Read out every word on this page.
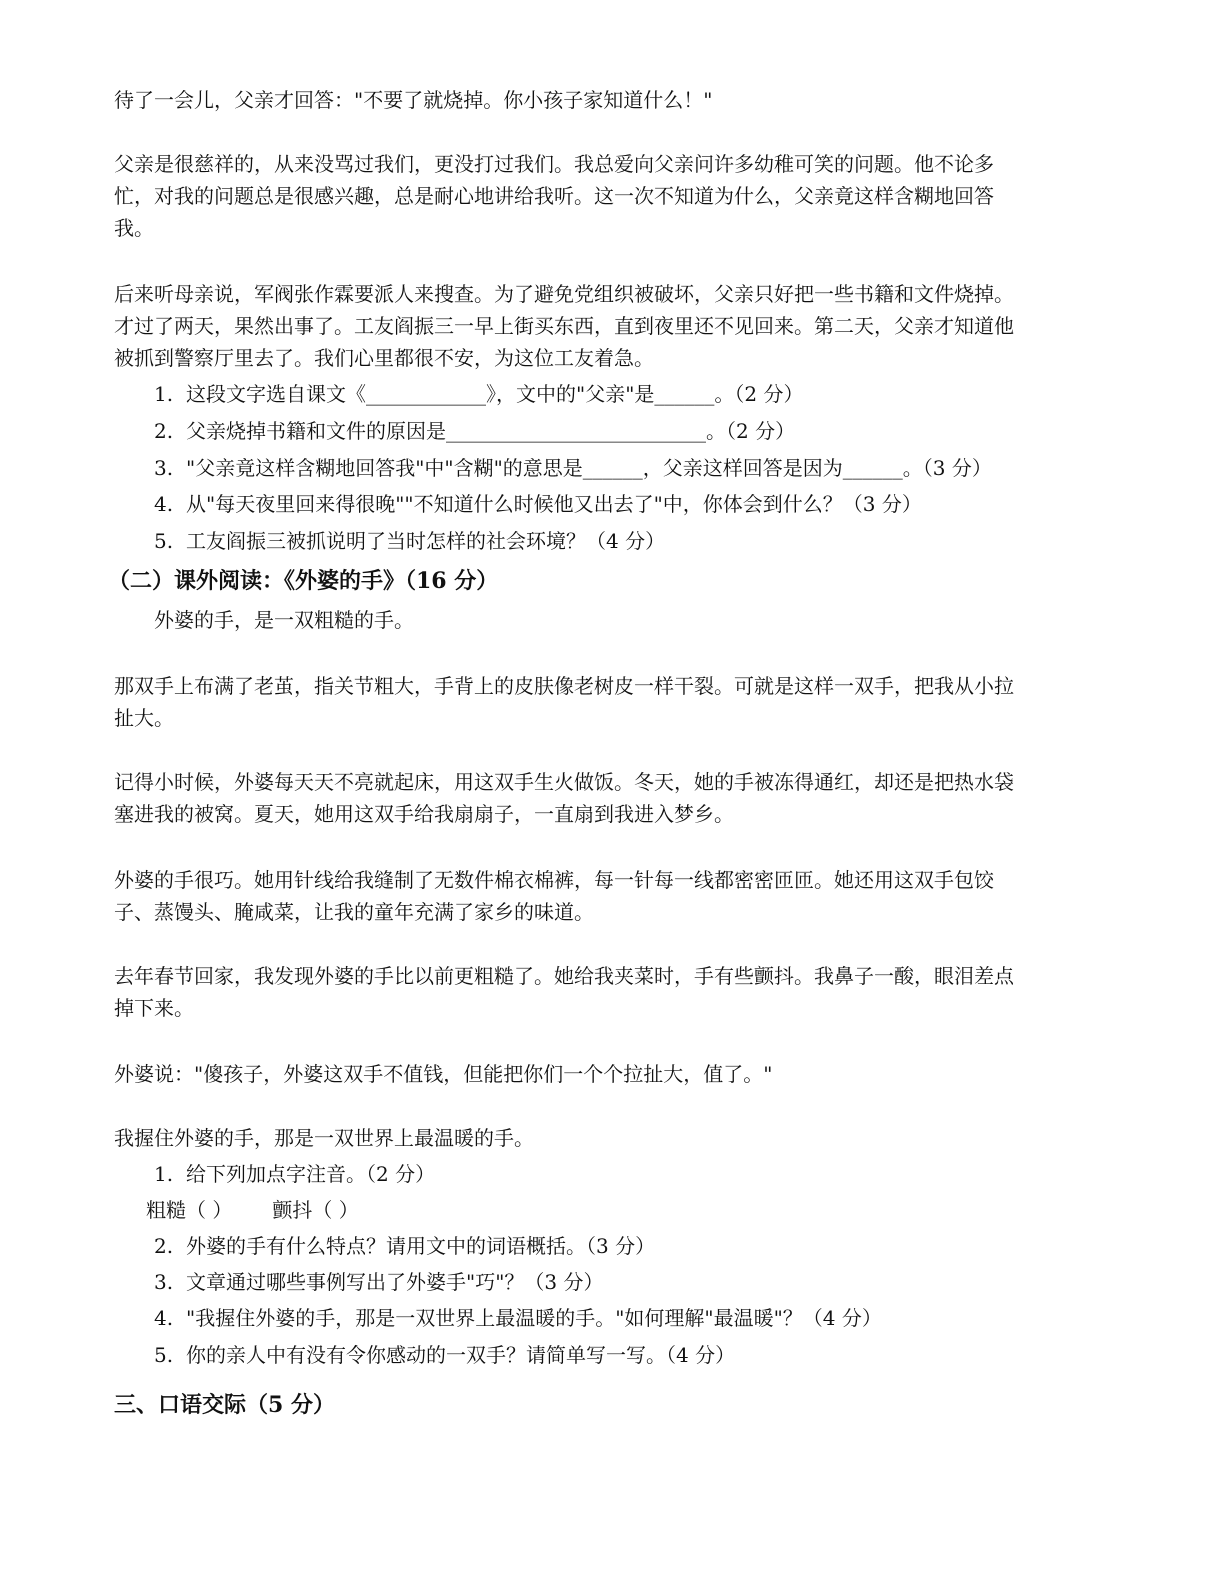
待了一会儿，父亲才回答："不要了就烧掉。你小孩子家知道什么！"
父亲是很慈祥的，从来没骂过我们，更没打过我们。我总爱向父亲问许多幼稚可笑的问题。他不论多
忙，对我的问题总是很感兴趣，总是耐心地讲给我听。这一次不知道为什么，父亲竟这样含糊地回答
我。
后来听母亲说，军阀张作霖要派人来搜查。为了避免党组织被破坏，父亲只好把一些书籍和文件烧掉。
才过了两天，果然出事了。工友阎振三一早上街买东西，直到夜里还不见回来。第二天，父亲才知道他
被抓到警察厅里去了。我们心里都很不安，为这位工友着急。
1. 这段文字选自课文《____________》，文中的"父亲"是______。（2 分）
2. 父亲烧掉书籍和文件的原因是__________________________。（2 分）
3. "父亲竟这样含糊地回答我"中"含糊"的意思是______，父亲这样回答是因为______。（3 分）
4. 从"每天夜里回来得很晚""不知道什么时候他又出去了"中，你体会到什么？（3 分）
5. 工友阎振三被抓说明了当时怎样的社会环境？（4 分）
（二）课外阅读：《外婆的手》（16 分）
外婆的手，是一双粗糙的手。
那双手上布满了老茧，指关节粗大，手背上的皮肤像老树皮一样干裂。可就是这样一双手，把我从小拉
扯大。
记得小时候，外婆每天天不亮就起床，用这双手生火做饭。冬天，她的手被冻得通红，却还是把热水袋
塞进我的被窝。夏天，她用这双手给我扇扇子，一直扇到我进入梦乡。
外婆的手很巧。她用针线给我缝制了无数件棉衣棉裤，每一针每一线都密密匝匝。她还用这双手包饺
子、蒸馒头、腌咸菜，让我的童年充满了家乡的味道。
去年春节回家，我发现外婆的手比以前更粗糙了。她给我夹菜时，手有些颤抖。我鼻子一酸，眼泪差点
掉下来。
外婆说："傻孩子，外婆这双手不值钱，但能把你们一个个拉扯大，值了。"
我握住外婆的手，那是一双世界上最温暖的手。
1. 给下列加点字注音。（2 分）
粗糙（ ） 颤抖（ ）
2. 外婆的手有什么特点？请用文中的词语概括。（3 分）
3. 文章通过哪些事例写出了外婆手"巧"？（3 分）
4. "我握住外婆的手，那是一双世界上最温暖的手。"如何理解"最温暖"？（4 分）
5. 你的亲人中有没有令你感动的一双手？请简单写一写。（4 分）
三、口语交际（5 分）
